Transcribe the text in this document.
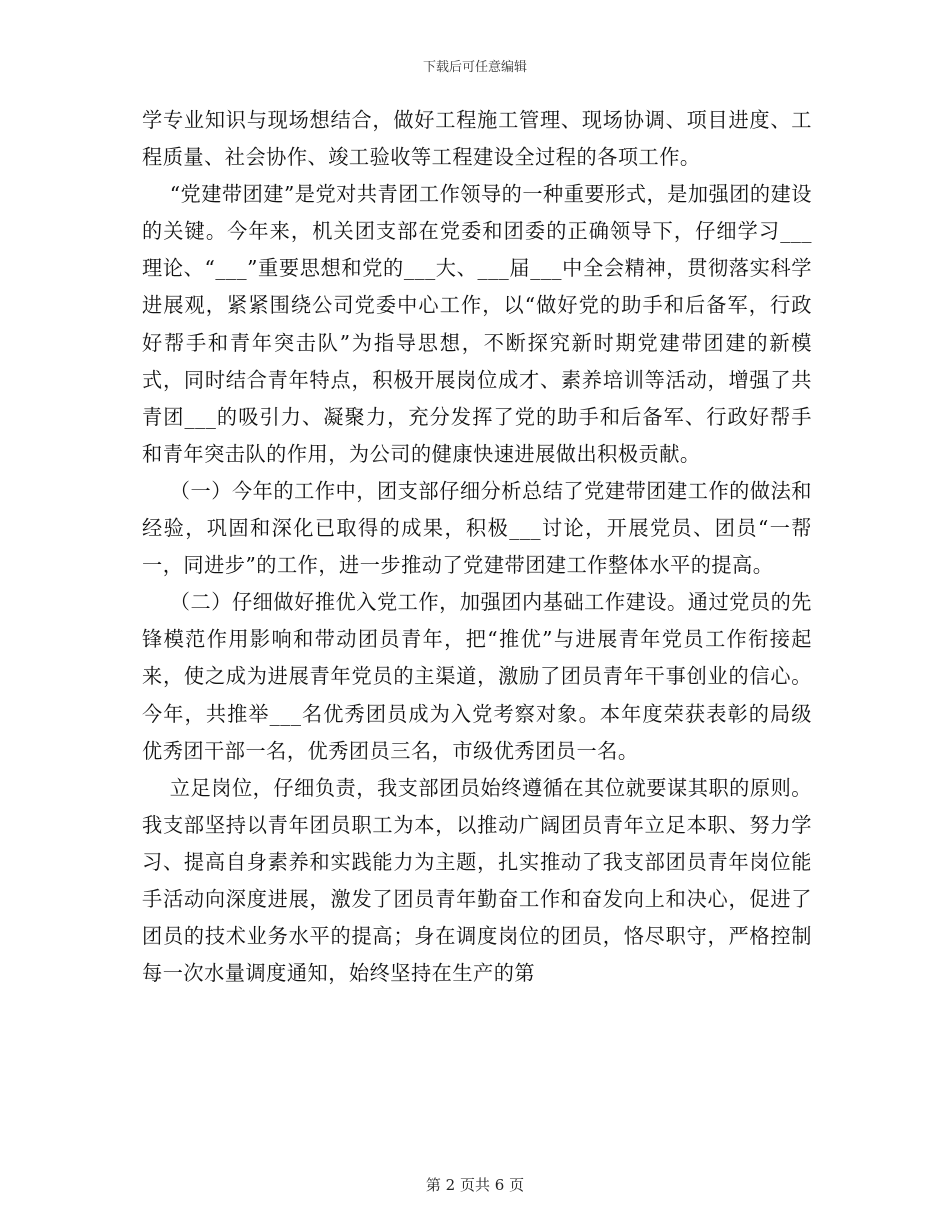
下载后可任意编辑

学专业知识与现场想结合，做好工程施工管理、现场协调、项目进度、工程质量、社会协作、竣工验收等工程建设全过程的各项工作。

“党建带团建”是党对共青团工作领导的一种重要形式，是加强团的建设的关键。今年来，机关团支部在党委和团委的正确领导下，仔细学习___理论、“___”重要思想和党的___大、___届___中全会精神，贯彻落实科学进展观，紧紧围绕公司党委中心工作，以“做好党的助手和后备军，行政好帮手和青年突击队”为指导思想，不断探究新时期党建带团建的新模式，同时结合青年特点，积极开展岗位成才、素养培训等活动，增强了共青团___的吸引力、凝聚力，充分发挥了党的助手和后备军、行政好帮手和青年突击队的作用，为公司的健康快速进展做出积极贡献。

（一）今年的工作中，团支部仔细分析总结了党建带团建工作的做法和经验，巩固和深化已取得的成果，积极___讨论，开展党员、团员“一帮一，同进步”的工作，进一步推动了党建带团建工作整体水平的提高。

（二）仔细做好推优入党工作，加强团内基础工作建设。通过党员的先锋模范作用影响和带动团员青年，把“推优”与进展青年党员工作衔接起来，使之成为进展青年党员的主渠道，激励了团员青年干事创业的信心。今年，共推举___名优秀团员成为入党考察对象。本年度荣获表彰的局级优秀团干部一名，优秀团员三名，市级优秀团员一名。

立足岗位，仔细负责，我支部团员始终遵循在其位就要谋其职的原则。我支部坚持以青年团员职工为本，以推动广阔团员青年立足本职、努力学习、提高自身素养和实践能力为主题，扎实推动了我支部团员青年岗位能手活动向深度进展，激发了团员青年勤奋工作和奋发向上和决心，促进了团员的技术业务水平的提高；身在调度岗位的团员，恪尽职守，严格控制每一次水量调度通知，始终坚持在生产的第

第 2 页共 6 页
